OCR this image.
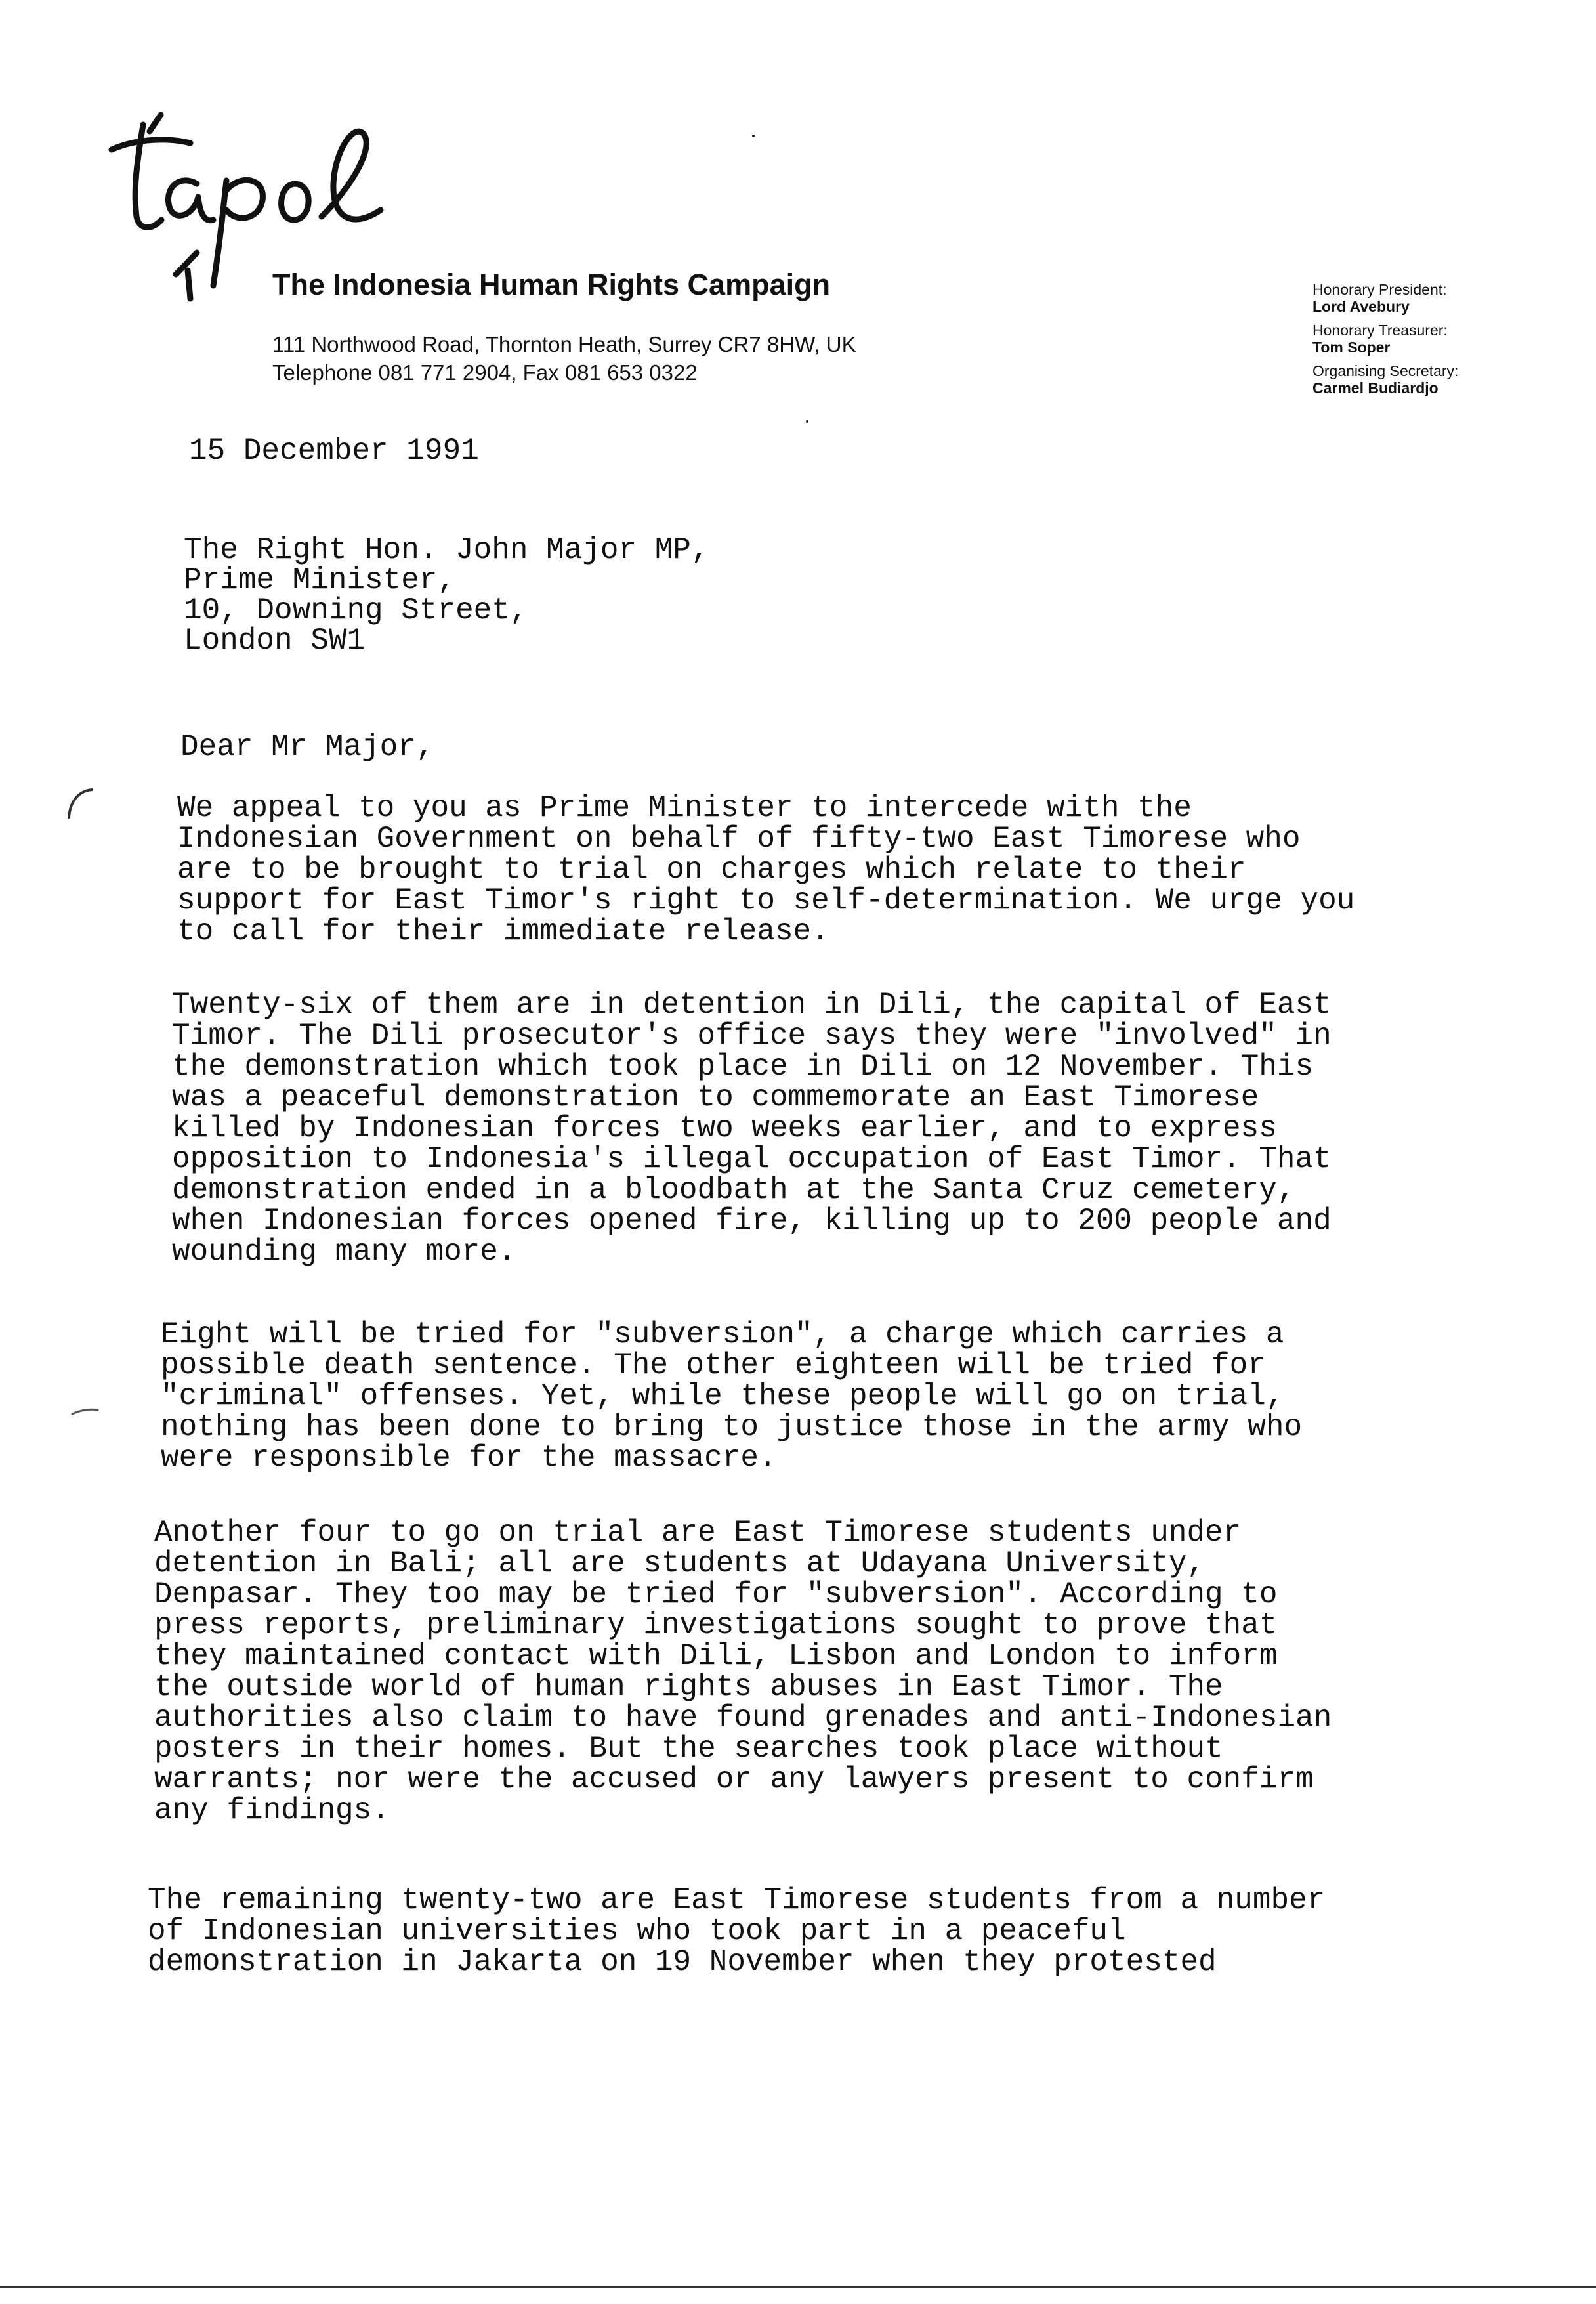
tapol
The Indonesia Human Rights Campaign
111 Northwood Road, Thornton Heath, Surrey CR7 8HW, UK
Telephone 081 771 2904, Fax 081 653 0322
Honorary President:
Lord Avebury
Honorary Treasurer:
Tom Soper
Organising Secretary:
Carmel Budiardjo
15 December 1991
The Right Hon. John Major MP,
Prime Minister,
10, Downing Street,
London SW1
Dear Mr Major,
We appeal to you as Prime Minister to intercede with the
Indonesian Government on behalf of fifty-two East Timorese who
are to be brought to trial on charges which relate to their
support for East Timor's right to self-determination. We urge you
to call for their immediate release.
Twenty-six of them are in detention in Dili, the capital of East
Timor. The Dili prosecutor's office says they were "involved" in
the demonstration which took place in Dili on 12 November. This
was a peaceful demonstration to commemorate an East Timorese
killed by Indonesian forces two weeks earlier, and to express
opposition to Indonesia's illegal occupation of East Timor. That
demonstration ended in a bloodbath at the Santa Cruz cemetery,
when Indonesian forces opened fire, killing up to 200 people and
wounding many more.
Eight will be tried for "subversion", a charge which carries a
possible death sentence. The other eighteen will be tried for
"criminal" offenses. Yet, while these people will go on trial,
nothing has been done to bring to justice those in the army who
were responsible for the massacre.
Another four to go on trial are East Timorese students under
detention in Bali; all are students at Udayana University,
Denpasar. They too may be tried for "subversion". According to
press reports, preliminary investigations sought to prove that
they maintained contact with Dili, Lisbon and London to inform
the outside world of human rights abuses in East Timor. The
authorities also claim to have found grenades and anti-Indonesian
posters in their homes. But the searches took place without
warrants; nor were the accused or any lawyers present to confirm
any findings.
The remaining twenty-two are East Timorese students from a number
of Indonesian universities who took part in a peaceful
demonstration in Jakarta on 19 November when they protested
